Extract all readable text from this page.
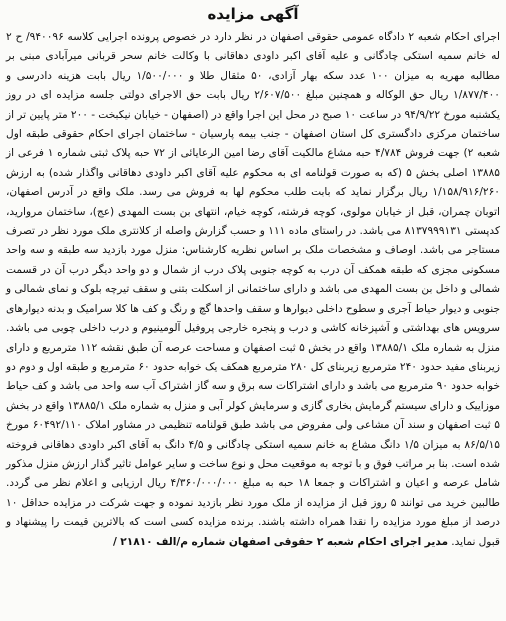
آگهی مزایده

اجرای احکام شعبه ۲ دادگاه عمومی حقوقی اصفهان در نظر دارد در خصوص پرونده اجرایی کلاسه ۹۴۰۰۹۶/ ح ۲ له خانم سمیه استکی چادگانی و علیه آقای اکبر داودی دهاقانی با وکالت خانم سحر قربانی میرآبادی مبنی بر مطالبه مهریه به میزان ۱۰۰ عدد سکه بهار آزادی، ۵۰ مثقال طلا و ۱/۵۰۰/۰۰۰ ریال بابت هزینه دادرسی و ۱/۸۷۷/۴۰۰ ریال حق الوکاله و همچنین مبلغ ۲/۶۰۷/۵۰۰ ریال بابت حق الاجرای دولتی جلسه مزایده ای در روز یکشنبه مورخ ۹۴/۹/۲۲ در ساعت ۱۰ صبح در محل این اجرا واقع در (اصفهان - خیابان نیکبخت - ۲۰۰ متر پایین تر از ساختمان مرکزی دادگستری کل استان اصفهان - جنب بیمه پارسیان - ساختمان اجرای احکام حقوقی طبقه اول شعبه ۲) جهت فروش ۴/۷۸۴ حبه مشاع مالکیت آقای رضا امین الرعایائی از ۷۲ حبه پلاک ثبتی شماره ۱ فرعی از ۱۳۸۸۵ اصلی بخش ۵ (که به صورت قولنامه ای به محکوم علیه آقای اکبر داودی دهاقانی واگذار شده) به ارزش ۱/۱۵۸/۹۱۶/۲۶۰ ریال برگزار نماید که بابت طلب محکوم لها به فروش می رسد. ملک واقع در آدرس اصفهان، اتوبان چمران، قبل از خیابان مولوی، کوچه فرشته، کوچه خیام، انتهای بن بست المهدی (عج)، ساختمان مروارید، کدپستی ۸۱۳۷۹۹۹۱۳۱ می باشد. در راستای ماده ۱۱۱ و حسب گزارش واصله از کلانتری ملک مورد نظر در تصرف مستاجر می باشد. اوصاف و مشخصات ملک بر اساس نظریه کارشناس: منزل مورد بازدید سه طبقه و سه واحد مسکونی مجزی که طبقه همکف آن درب به کوچه جنوبی پلاک درب از شمال و دو واحد دیگر درب آن در قسمت شمالی و داخل بن بست المهدی می باشد و دارای ساختمانی از اسکلت بتنی و سقف تیرچه بلوک و نمای شمالی و جنوبی و دیوار حیاط آجری و سطوح داخلی دیوارها و سقف واحدها گچ و رنگ و کف ها کلا سرامیک و بدنه دیوارهای سرویس های بهداشتی و آشپزخانه کاشی و درب و پنجره خارجی پروفیل آلومینیوم و درب داخلی چوبی می باشد. منزل به شماره ملک ۱۳۸۸۵/۱ واقع در بخش ۵ ثبت اصفهان و مساحت عرصه آن طبق نقشه ۱۱۲ مترمربع و دارای زیربنای مفید حدود ۲۴۰ مترمربع زیربنای کل ۲۸۰ مترمربع همکف یک خوابه حدود ۶۰ مترمربع و طبقه اول و دوم دو خوابه حدود ۹۰ مترمربع می باشد و دارای اشتراکات سه برق و سه گاز اشتراک آب سه واحد می باشد و کف حیاط موزاییک و دارای سیستم گرمایش بخاری گازی و سرمایش کولر آبی و منزل به شماره ملک ۱۳۸۸۵/۱ واقع در بخش ۵ ثبت اصفهان و سند آن مشاعی ولی مفروض می باشد طبق قولنامه تنظیمی در مشاور املاک ۶۰۴۹۲/۱۱۰ مورخ ۸۶/۵/۱۵ به میزان ۱/۵ دانگ مشاع به خانم سمیه استکی چادگانی و ۴/۵ دانگ به آقای اکبر داودی دهاقانی فروخته شده است. بنا بر مراتب فوق و با توجه به موقعیت محل و نوع ساخت و سایر عوامل تاثیر گذار ارزش منزل مذکور شامل عرصه و اعیان و اشتراکات و جمعا ۱۸ حبه به مبلغ ۴/۳۶۰/۰۰۰/۰۰۰ ریال ارزیابی و اعلام نظر می گردد. طالبین خرید می توانند ۵ روز قبل از مزایده از ملک مورد نظر بازدید نموده و جهت شرکت در مزایده حداقل ۱۰ درصد از مبلغ مورد مزایده را نقدا همراه داشته باشند. برنده مزایده کسی است که بالاترین قیمت را پیشنهاد و قبول نماید. مدیر اجرای احکام شعبه ۲ حقوقی اصفهان شماره م/الف ۲۱۸۱۰ /
